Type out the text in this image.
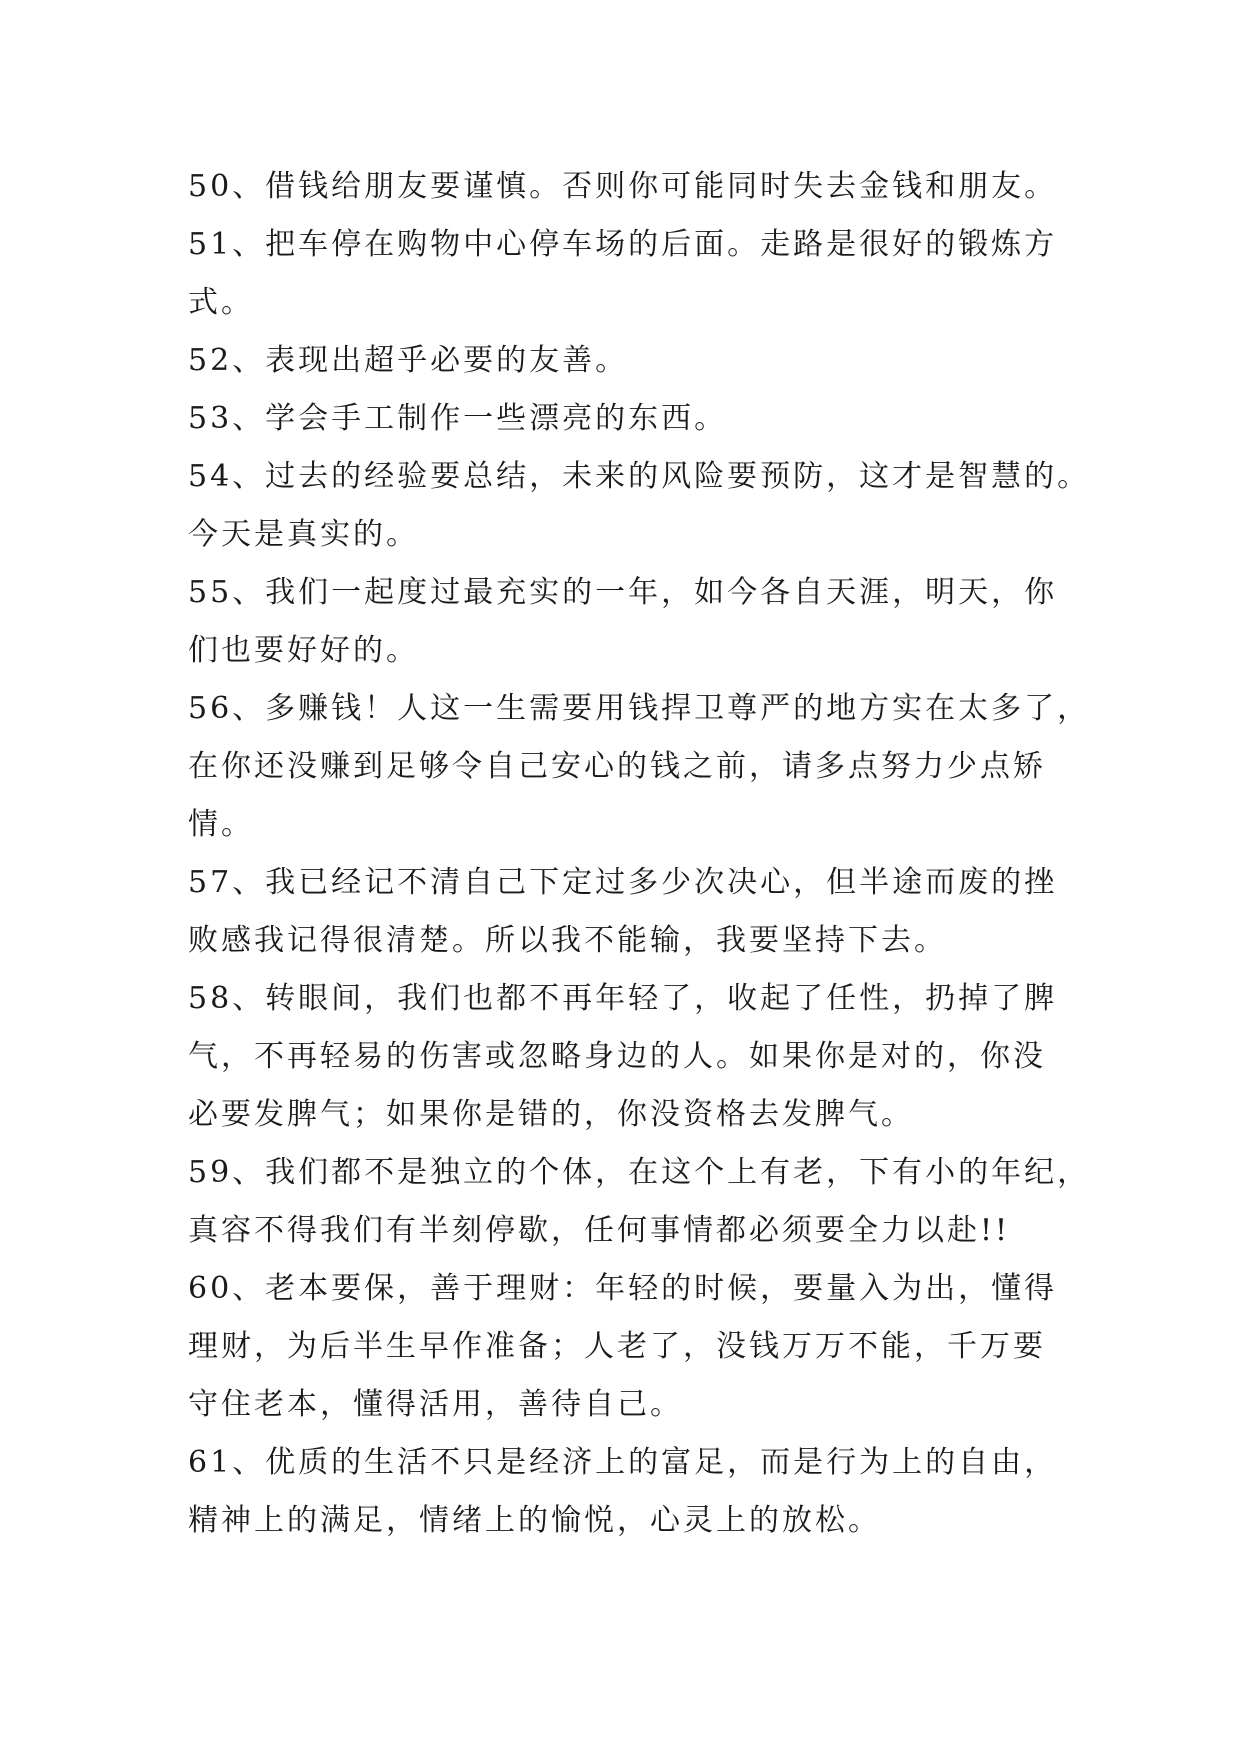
50、借钱给朋友要谨慎。否则你可能同时失去金钱和朋友。
51、把车停在购物中心停车场的后面。走路是很好的锻炼方
式。
52、表现出超乎必要的友善。
53、学会手工制作一些漂亮的东西。
54、过去的经验要总结，未来的风险要预防，这才是智慧的。
今天是真实的。
55、我们一起度过最充实的一年，如今各自天涯，明天，你
们也要好好的。
56、多赚钱！人这一生需要用钱捍卫尊严的地方实在太多了，
在你还没赚到足够令自己安心的钱之前，请多点努力少点矫
情。
57、我已经记不清自己下定过多少次决心，但半途而废的挫
败感我记得很清楚。所以我不能输，我要坚持下去。
58、转眼间，我们也都不再年轻了，收起了任性，扔掉了脾
气，不再轻易的伤害或忽略身边的人。如果你是对的，你没
必要发脾气；如果你是错的，你没资格去发脾气。
59、我们都不是独立的个体，在这个上有老，下有小的年纪，
真容不得我们有半刻停歇，任何事情都必须要全力以赴!!
60、老本要保，善于理财：年轻的时候，要量入为出，懂得
理财，为后半生早作准备；人老了，没钱万万不能，千万要
守住老本，懂得活用，善待自己。
61、优质的生活不只是经济上的富足，而是行为上的自由，
精神上的满足，情绪上的愉悦，心灵上的放松。
